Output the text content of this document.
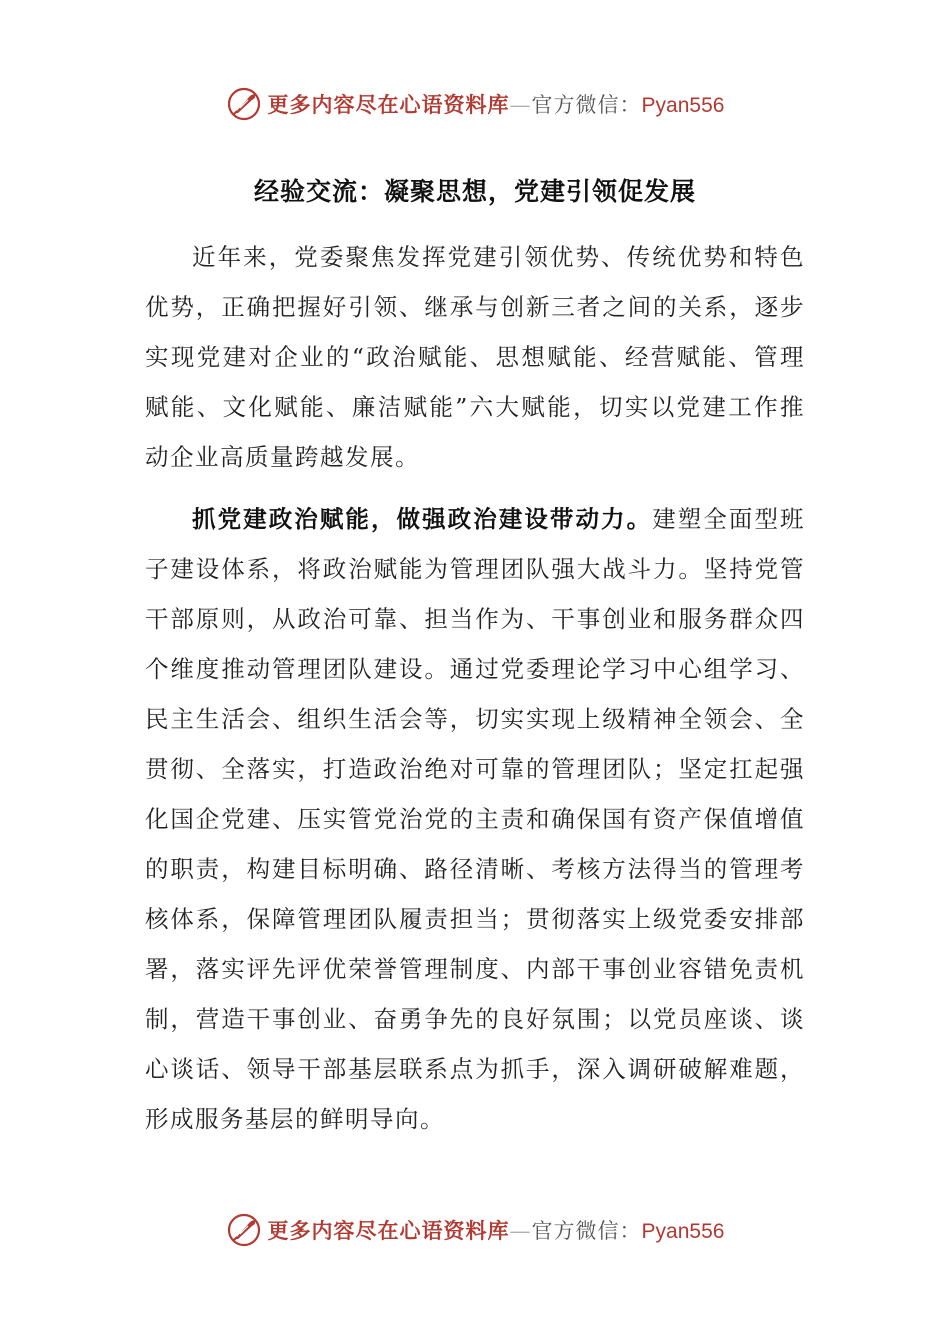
更多内容尽在心语资料库—官方微信：Pyan556
经验交流：凝聚思想，党建引领促发展

近年来，党委聚焦发挥党建引领优势、传统优势和特色优势，正确把握好引领、继承与创新三者之间的关系，逐步实现党建对企业的“政治赋能、思想赋能、经营赋能、管理赋能、文化赋能、廉洁赋能”六大赋能，切实以党建工作推动企业高质量跨越发展。

抓党建政治赋能，做强政治建设带动力。建塑全面型班子建设体系，将政治赋能为管理团队强大战斗力。坚持党管干部原则，从政治可靠、担当作为、干事创业和服务群众四个维度推动管理团队建设。通过党委理论学习中心组学习、民主生活会、组织生活会等，切实实现上级精神全领会、全贯彻、全落实，打造政治绝对可靠的管理团队；坚定扛起强化国企党建、压实管党治党的主责和确保国有资产保值增值的职责，构建目标明确、路径清晰、考核方法得当的管理考核体系，保障管理团队履责担当；贯彻落实上级党委安排部署，落实评先评优荣誉管理制度、内部干事创业容错免责机制，营造干事创业、奋勇争先的良好氛围；以党员座谈、谈心谈话、领导干部基层联系点为抓手，深入调研破解难题，形成服务基层的鲜明导向。

更多内容尽在心语资料库—官方微信：Pyan556
